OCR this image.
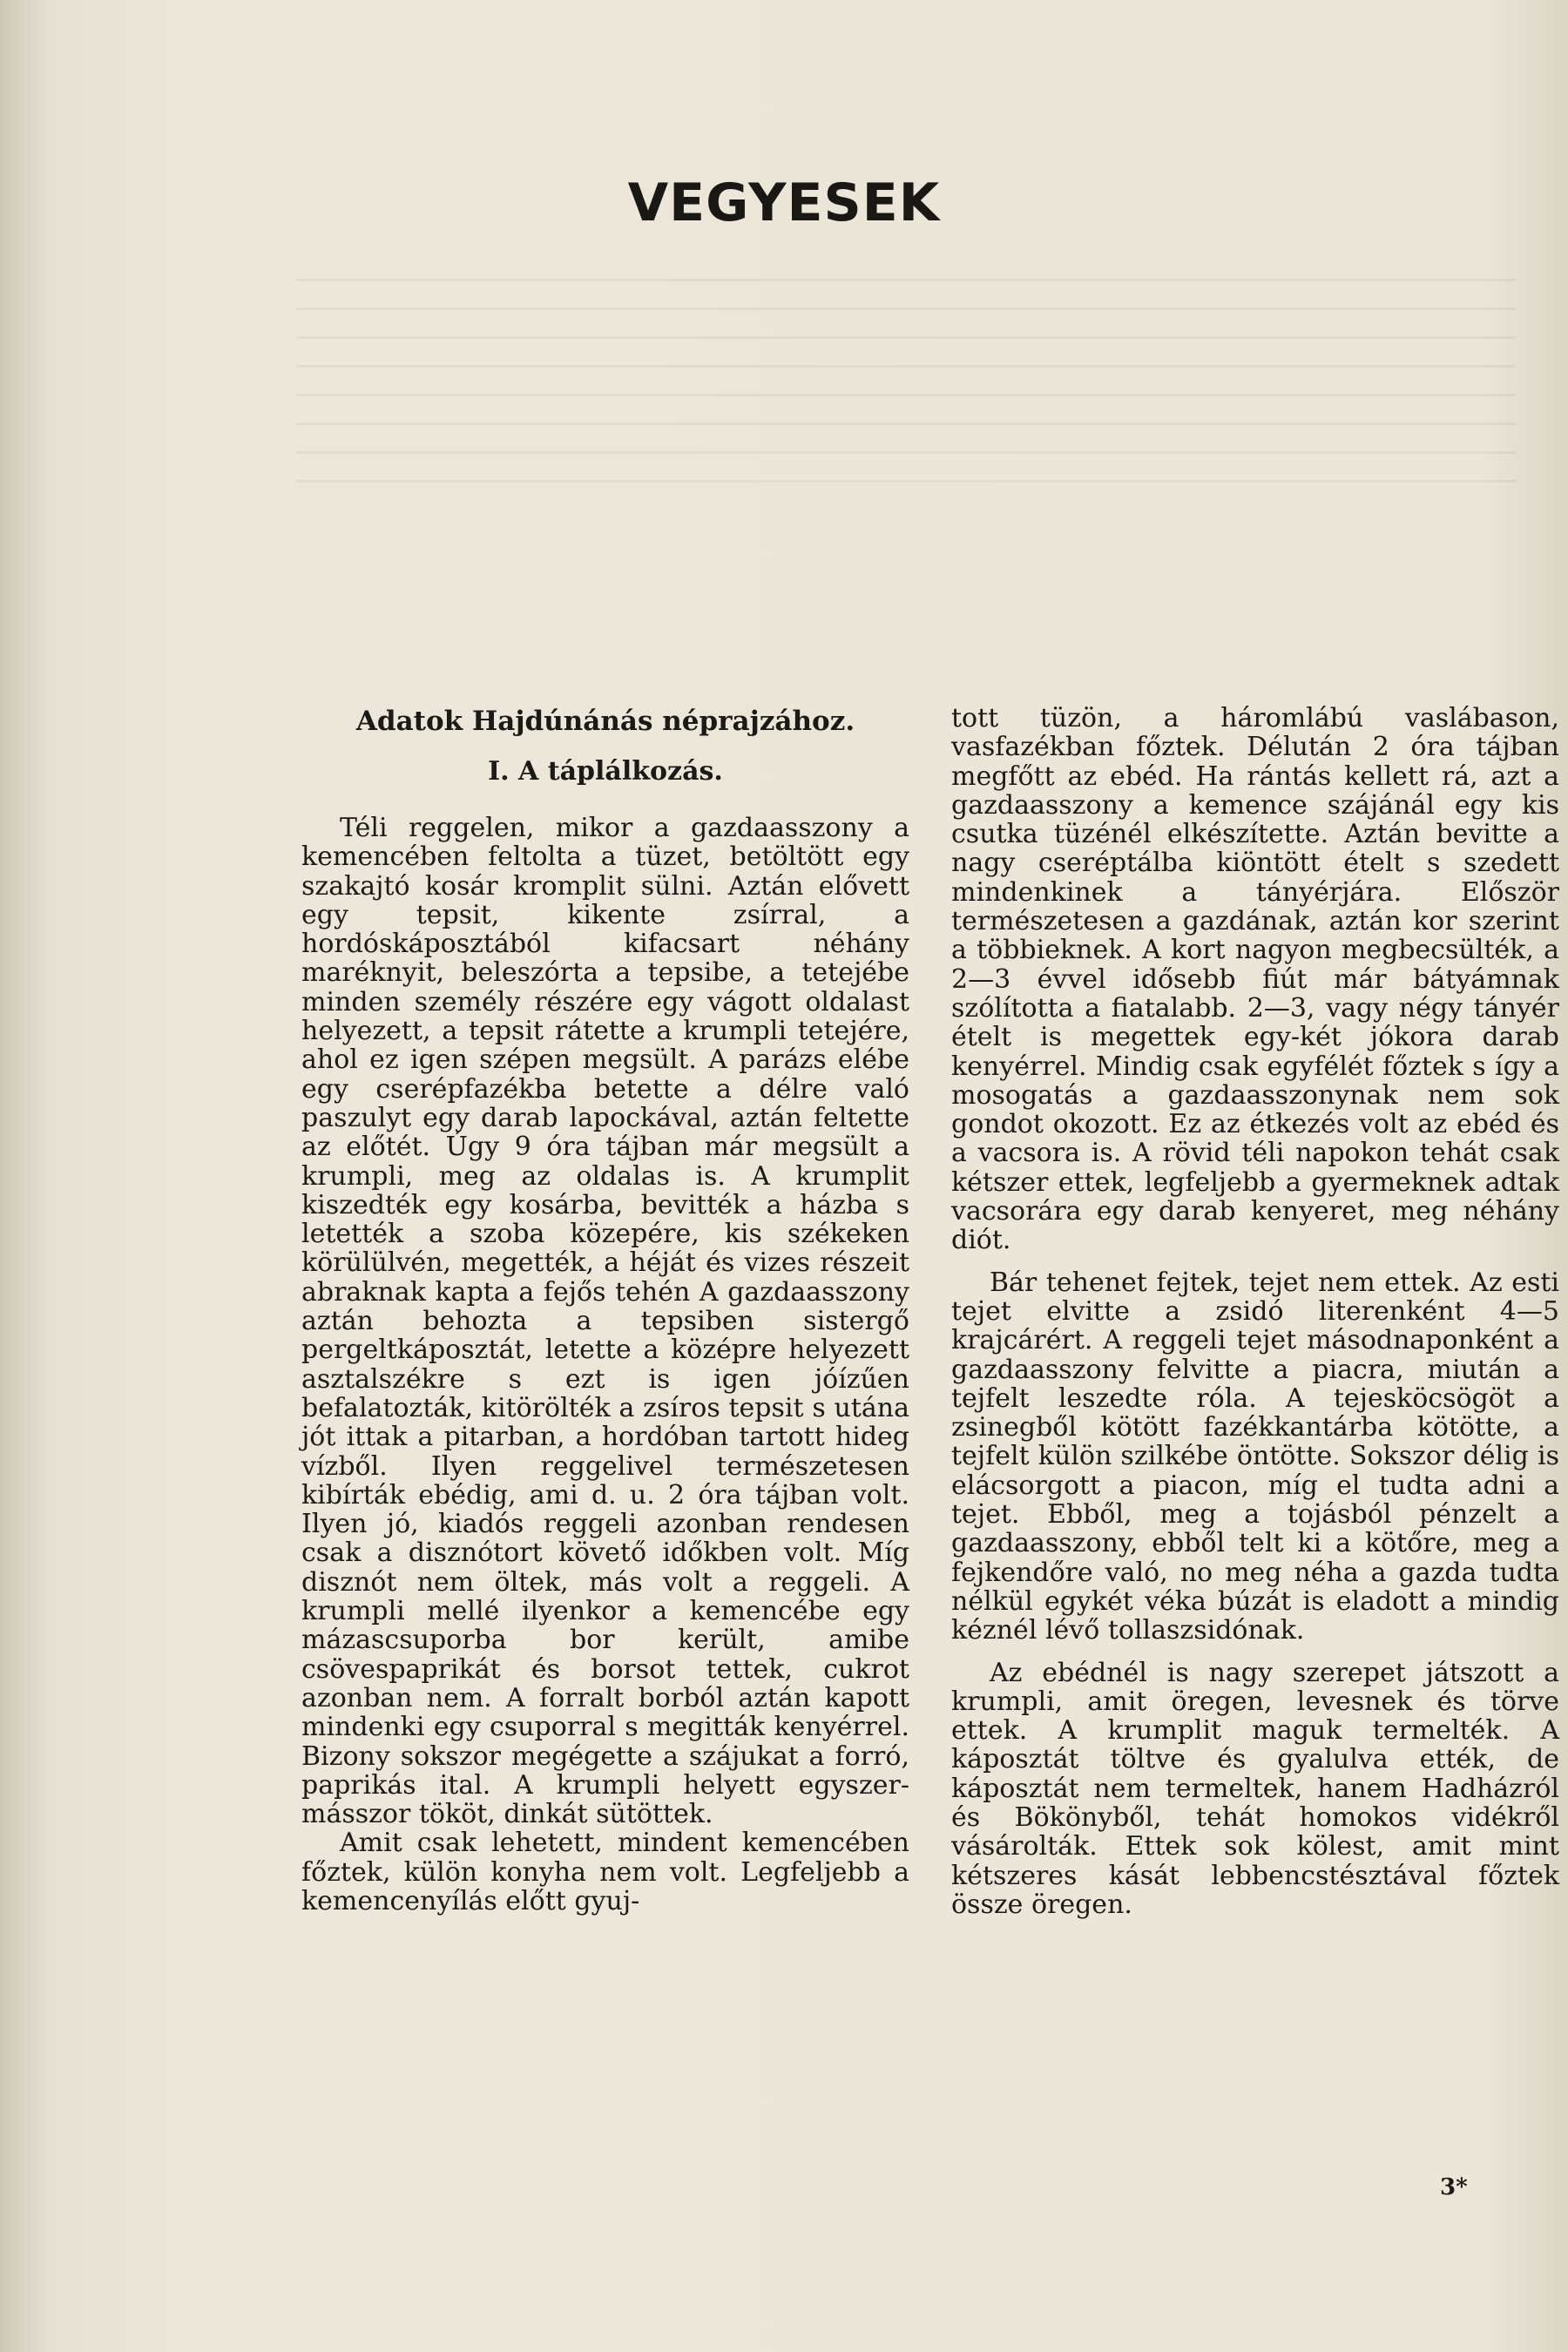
VEGYESEK
Adatok Hajdúnánás néprajzához.
I. A táplálkozás.

Téli reggelen, mikor a gazdaasszony a kemencében feltolta a tüzet, betöltött egy szakajtó kosár kromplit sülni. Aztán elővett egy tepsit, kikente zsírral, a hordóskáposztából kifacsart néhány maréknyit, beleszórta a tepsibe, a tetejébe minden személy részére egy vágott oldalast helyezett, a tepsit rátette a krumpli tetejére, ahol ez igen szépen megsült. A parázs elébe egy cserépfazékba betette a délre való paszulyt egy darab lapockával, aztán feltette az előtét. Úgy 9 óra tájban már megsült a krumpli, meg az oldalas is. A krumplit kiszedték egy kosárba, bevitték a házba s letették a szoba közepére, kis székeken körülülvén, megették, a héját és vizes részeit abraknak kapta a fejős tehén A gazdaasszony aztán behozta a tepsiben sistergő pergeltkáposztát, letette a középre helyezett asztalszékre s ezt is igen jóízűen befalatozták, kitörölték a zsíros tepsit s utána jót ittak a pitarban, a hordóban tartott hideg vízből. Ilyen reggelivel természetesen kibírták ebédig, ami d. u. 2 óra tájban volt. Ilyen jó, kiadós reggeli azonban rendesen csak a disznótort követő időkben volt. Míg disznót nem öltek, más volt a reggeli. A krumpli mellé ilyenkor a kemencébe egy mázascsuporba bor került, amibe csövespaprikát és borsot tettek, cukrot azonban nem. A forralt borból aztán kapott mindenki egy csuporral s megitták kenyérrel. Bizony sokszor megégette a szájukat a forró, paprikás ital. A krumpli helyett egyszer-másszor tököt, dinkát sütöttek.

Amit csak lehetett, mindent kemencében főztek, külön konyha nem volt. Legfeljebb a kemencenyílás előtt gyuj-

tott tüzön, a háromlábú vaslábason, vasfazékban főztek. Délután 2 óra tájban megfőtt az ebéd. Ha rántás kellett rá, azt a gazdaasszony a kemence szájánál egy kis csutka tüzénél elkészítette. Aztán bevitte a nagy cseréptálba kiöntött ételt s szedett mindenkinek a tányérjára. Először természetesen a gazdának, aztán kor szerint a többieknek. A kort nagyon megbecsülték, a 2—3 évvel idősebb fiút már bátyámnak szólította a fiatalabb. 2—3, vagy négy tányér ételt is megettek egy-két jókora darab kenyérrel. Mindig csak egyfélét főztek s így a mosogatás a gazdaasszonynak nem sok gondot okozott. Ez az étkezés volt az ebéd és a vacsora is. A rövid téli napokon tehát csak kétszer ettek, legfeljebb a gyermeknek adtak vacsorára egy darab kenyeret, meg néhány diót.

Bár tehenet fejtek, tejet nem ettek. Az esti tejet elvitte a zsidó literenként 4—5 krajcárért. A reggeli tejet másodnaponként a gazdaasszony felvitte a piacra, miután a tejfelt leszedte róla. A tejesköcsögöt a zsinegből kötött fazékkantárba kötötte, a tejfelt külön szilkébe öntötte. Sokszor délig is elácsorgott a piacon, míg el tudta adni a tejet. Ebből, meg a tojásból pénzelt a gazdaasszony, ebből telt ki a kötőre, meg a fejkendőre való, no meg néha a gazda tudta nélkül egykét véka búzát is eladott a mindig kéznél lévő tollaszsidónak.

Az ebédnél is nagy szerepet játszott a krumpli, amit öregen, levesnek és törve ettek. A krumplit maguk termelték. A káposztát töltve és gyalulva ették, de káposztát nem termeltek, hanem Hadházról és Bökönyből, tehát homokos vidékről vásárolták. Ettek sok kölest, amit mint kétszeres kását lebbencstésztával főztek össze öregen.

3*
